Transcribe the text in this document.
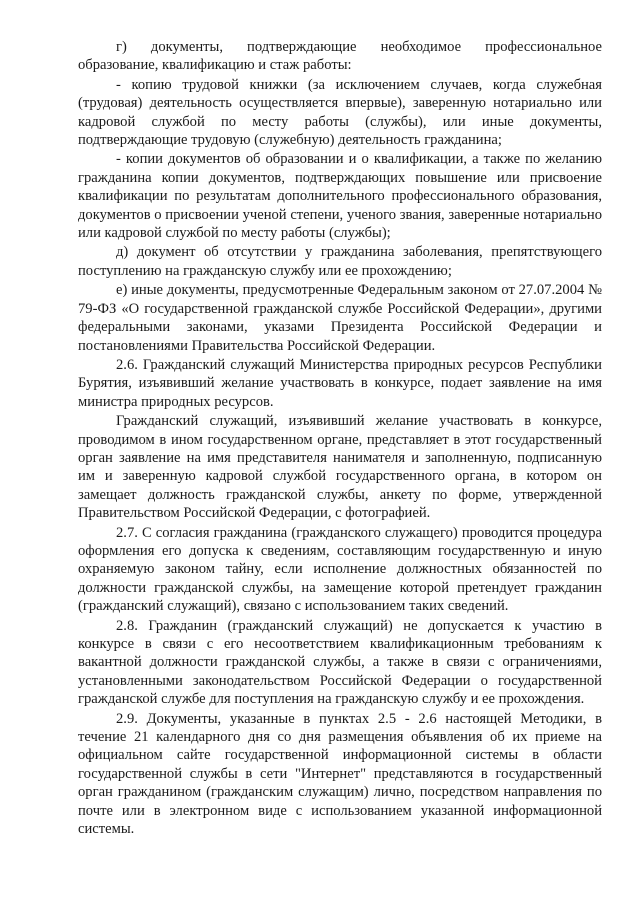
г) документы, подтверждающие необходимое профессиональное образование, квалификацию и стаж работы:

- копию трудовой книжки (за исключением случаев, когда служебная (трудовая) деятельность осуществляется впервые), заверенную нотариально или кадровой службой по месту работы (службы), или иные документы, подтверждающие трудовую (служебную) деятельность гражданина;

- копии документов об образовании и о квалификации, а также по желанию гражданина копии документов, подтверждающих повышение или присвоение квалификации по результатам дополнительного профессионального образования, документов о присвоении ученой степени, ученого звания, заверенные нотариально или кадровой службой по месту работы (службы);

д) документ об отсутствии у гражданина заболевания, препятствующего поступлению на гражданскую службу или ее прохождению;

е) иные документы, предусмотренные Федеральным законом от 27.07.2004 № 79-ФЗ «О государственной гражданской службе Российской Федерации», другими федеральными законами, указами Президента Российской Федерации и постановлениями Правительства Российской Федерации.

2.6. Гражданский служащий Министерства природных ресурсов Республики Бурятия, изъявивший желание участвовать в конкурсе, подает заявление на имя министра природных ресурсов.

Гражданский служащий, изъявивший желание участвовать в конкурсе, проводимом в ином государственном органе, представляет в этот государственный орган заявление на имя представителя нанимателя и заполненную, подписанную им и заверенную кадровой службой государственного органа, в котором он замещает должность гражданской службы, анкету по форме, утвержденной Правительством Российской Федерации, с фотографией.

2.7. С согласия гражданина (гражданского служащего) проводится процедура оформления его допуска к сведениям, составляющим государственную и иную охраняемую законом тайну, если исполнение должностных обязанностей по должности гражданской службы, на замещение которой претендует гражданин (гражданский служащий), связано с использованием таких сведений.

2.8. Гражданин (гражданский служащий) не допускается к участию в конкурсе в связи с его несоответствием квалификационным требованиям к вакантной должности гражданской службы, а также в связи с ограничениями, установленными законодательством Российской Федерации о государственной гражданской службе для поступления на гражданскую службу и ее прохождения.

2.9. Документы, указанные в пунктах 2.5 - 2.6 настоящей Методики, в течение 21 календарного дня со дня размещения объявления об их приеме на официальном сайте государственной информационной системы в области государственной службы в сети "Интернет" представляются в государственный орган гражданином (гражданским служащим) лично, посредством направления по почте или в электронном виде с использованием указанной информационной системы.
